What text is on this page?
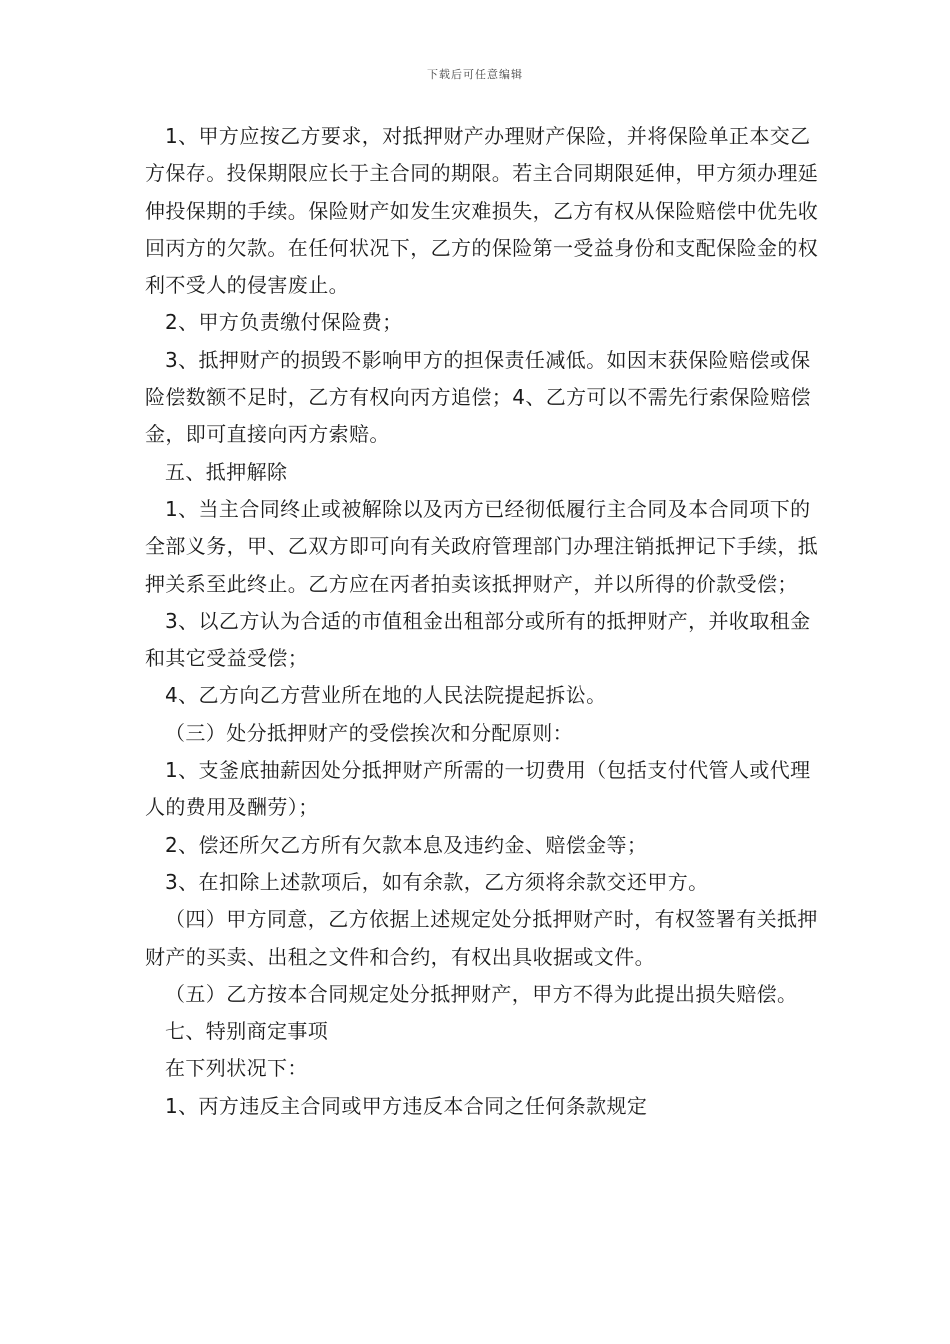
下载后可任意编辑

1、甲方应按乙方要求，对抵押财产办理财产保险，并将保险单正本交乙方保存。投保期限应长于主合同的期限。若主合同期限延伸，甲方须办理延伸投保期的手续。保险财产如发生灾难损失，乙方有权从保险赔偿中优先收回丙方的欠款。在任何状况下，乙方的保险第一受益身份和支配保险金的权利不受人的侵害废止。

2、甲方负责缴付保险费；

3、抵押财产的损毁不影响甲方的担保责任减低。如因末获保险赔偿或保险偿数额不足时，乙方有权向丙方追偿；4、乙方可以不需先行索保险赔偿金，即可直接向丙方索赔。

五、抵押解除

1、当主合同终止或被解除以及丙方已经彻低履行主合同及本合同项下的全部义务，甲、乙双方即可向有关政府管理部门办理注销抵押记下手续，抵押关系至此终止。乙方应在丙者拍卖该抵押财产，并以所得的价款受偿；

3、以乙方认为合适的市值租金出租部分或所有的抵押财产，并收取租金和其它受益受偿；

4、乙方向乙方营业所在地的人民法院提起拆讼。

（三）处分抵押财产的受偿挨次和分配原则：

1、支釜底抽薪因处分抵押财产所需的一切费用（包括支付代管人或代理人的费用及酬劳）；

2、偿还所欠乙方所有欠款本息及违约金、赔偿金等；

3、在扣除上述款项后，如有余款，乙方须将余款交还甲方。

（四）甲方同意，乙方依据上述规定处分抵押财产时，有权签署有关抵押财产的买卖、出租之文件和合约，有权出具收据或文件。

（五）乙方按本合同规定处分抵押财产，甲方不得为此提出损失赔偿。

七、特别商定事项

在下列状况下：

1、丙方违反主合同或甲方违反本合同之任何条款规定
